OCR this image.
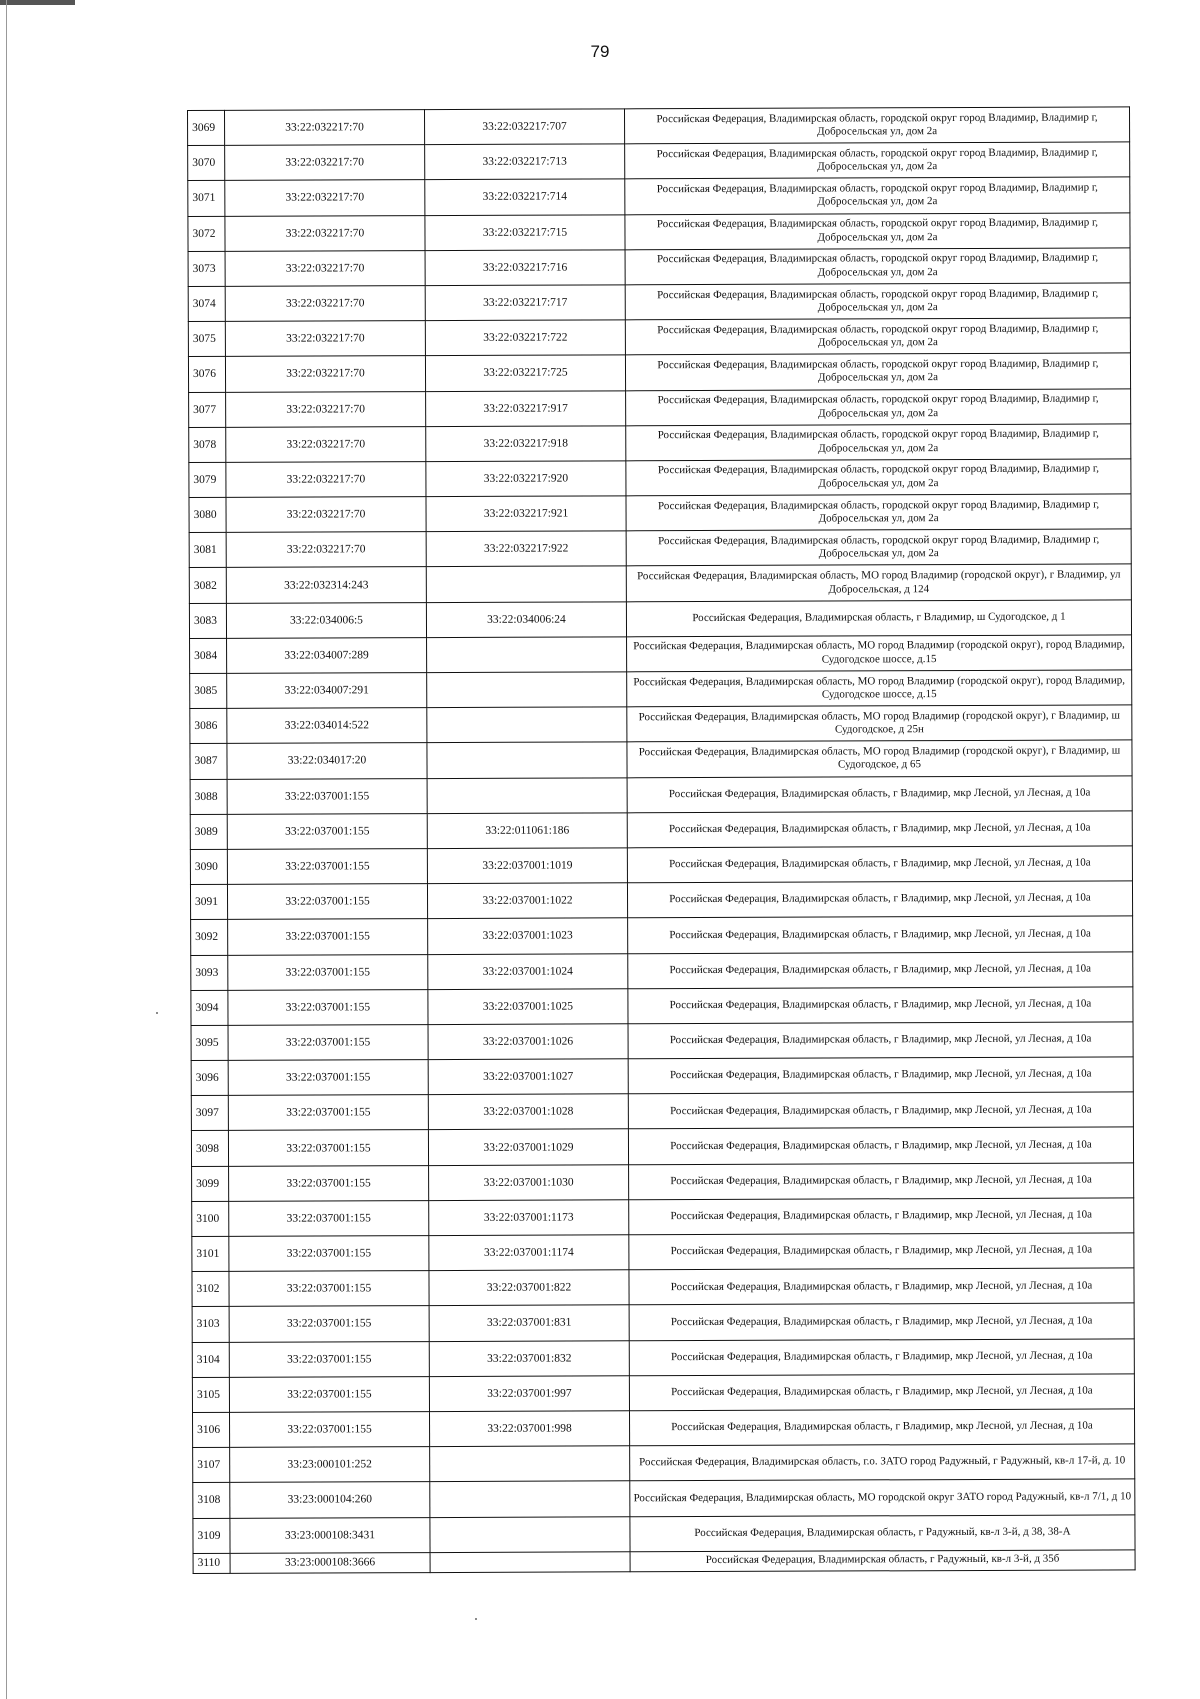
79
3069	33:22:032217:70	33:22:032217:707	Российская Федерация, Владимирская область, городской округ город Владимир, Владимир г, Добросельская ул, дом 2а
3070	33:22:032217:70	33:22:032217:713	Российская Федерация, Владимирская область, городской округ город Владимир, Владимир г, Добросельская ул, дом 2а
3071	33:22:032217:70	33:22:032217:714	Российская Федерация, Владимирская область, городской округ город Владимир, Владимир г, Добросельская ул, дом 2а
3072	33:22:032217:70	33:22:032217:715	Российская Федерация, Владимирская область, городской округ город Владимир, Владимир г, Добросельская ул, дом 2а
3073	33:22:032217:70	33:22:032217:716	Российская Федерация, Владимирская область, городской округ город Владимир, Владимир г, Добросельская ул, дом 2а
3074	33:22:032217:70	33:22:032217:717	Российская Федерация, Владимирская область, городской округ город Владимир, Владимир г, Добросельская ул, дом 2а
3075	33:22:032217:70	33:22:032217:722	Российская Федерация, Владимирская область, городской округ город Владимир, Владимир г, Добросельская ул, дом 2а
3076	33:22:032217:70	33:22:032217:725	Российская Федерация, Владимирская область, городской округ город Владимир, Владимир г, Добросельская ул, дом 2а
3077	33:22:032217:70	33:22:032217:917	Российская Федерация, Владимирская область, городской округ город Владимир, Владимир г, Добросельская ул, дом 2а
3078	33:22:032217:70	33:22:032217:918	Российская Федерация, Владимирская область, городской округ город Владимир, Владимир г, Добросельская ул, дом 2а
3079	33:22:032217:70	33:22:032217:920	Российская Федерация, Владимирская область, городской округ город Владимир, Владимир г, Добросельская ул, дом 2а
3080	33:22:032217:70	33:22:032217:921	Российская Федерация, Владимирская область, городской округ город Владимир, Владимир г, Добросельская ул, дом 2а
3081	33:22:032217:70	33:22:032217:922	Российская Федерация, Владимирская область, городской округ город Владимир, Владимир г, Добросельская ул, дом 2а
3082	33:22:032314:243		Российская Федерация, Владимирская область, МО город Владимир (городской округ), г Владимир, ул Добросельская, д 124
3083	33:22:034006:5	33:22:034006:24	Российская Федерация, Владимирская область, г Владимир, ш Судогодское, д 1
3084	33:22:034007:289		Российская Федерация, Владимирская область, МО город Владимир (городской округ), город Владимир, Судогодское шоссе, д.15
3085	33:22:034007:291		Российская Федерация, Владимирская область, МО город Владимир (городской округ), город Владимир, Судогодское шоссе, д.15
3086	33:22:034014:522		Российская Федерация, Владимирская область, МО город Владимир (городской округ), г Владимир, ш Судогодское, д 25н
3087	33:22:034017:20		Российская Федерация, Владимирская область, МО город Владимир (городской округ), г Владимир, ш Судогодское, д 65
3088	33:22:037001:155		Российская Федерация, Владимирская область, г Владимир, мкр Лесной, ул Лесная, д 10а
3089	33:22:037001:155	33:22:011061:186	Российская Федерация, Владимирская область, г Владимир, мкр Лесной, ул Лесная, д 10а
3090	33:22:037001:155	33:22:037001:1019	Российская Федерация, Владимирская область, г Владимир, мкр Лесной, ул Лесная, д 10а
3091	33:22:037001:155	33:22:037001:1022	Российская Федерация, Владимирская область, г Владимир, мкр Лесной, ул Лесная, д 10а
3092	33:22:037001:155	33:22:037001:1023	Российская Федерация, Владимирская область, г Владимир, мкр Лесной, ул Лесная, д 10а
3093	33:22:037001:155	33:22:037001:1024	Российская Федерация, Владимирская область, г Владимир, мкр Лесной, ул Лесная, д 10а
3094	33:22:037001:155	33:22:037001:1025	Российская Федерация, Владимирская область, г Владимир, мкр Лесной, ул Лесная, д 10а
3095	33:22:037001:155	33:22:037001:1026	Российская Федерация, Владимирская область, г Владимир, мкр Лесной, ул Лесная, д 10а
3096	33:22:037001:155	33:22:037001:1027	Российская Федерация, Владимирская область, г Владимир, мкр Лесной, ул Лесная, д 10а
3097	33:22:037001:155	33:22:037001:1028	Российская Федерация, Владимирская область, г Владимир, мкр Лесной, ул Лесная, д 10а
3098	33:22:037001:155	33:22:037001:1029	Российская Федерация, Владимирская область, г Владимир, мкр Лесной, ул Лесная, д 10а
3099	33:22:037001:155	33:22:037001:1030	Российская Федерация, Владимирская область, г Владимир, мкр Лесной, ул Лесная, д 10а
3100	33:22:037001:155	33:22:037001:1173	Российская Федерация, Владимирская область, г Владимир, мкр Лесной, ул Лесная, д 10а
3101	33:22:037001:155	33:22:037001:1174	Российская Федерация, Владимирская область, г Владимир, мкр Лесной, ул Лесная, д 10а
3102	33:22:037001:155	33:22:037001:822	Российская Федерация, Владимирская область, г Владимир, мкр Лесной, ул Лесная, д 10а
3103	33:22:037001:155	33:22:037001:831	Российская Федерация, Владимирская область, г Владимир, мкр Лесной, ул Лесная, д 10а
3104	33:22:037001:155	33:22:037001:832	Российская Федерация, Владимирская область, г Владимир, мкр Лесной, ул Лесная, д 10а
3105	33:22:037001:155	33:22:037001:997	Российская Федерация, Владимирская область, г Владимир, мкр Лесной, ул Лесная, д 10а
3106	33:22:037001:155	33:22:037001:998	Российская Федерация, Владимирская область, г Владимир, мкр Лесной, ул Лесная, д 10а
3107	33:23:000101:252		Российская Федерация, Владимирская область, г.о. ЗАТО город Радужный, г Радужный, кв-л 17-й, д. 10
3108	33:23:000104:260		Российская Федерация, Владимирская область, МО городской округ ЗАТО город Радужный, кв-л 7/1, д 10
3109	33:23:000108:3431		Российская Федерация, Владимирская область, г Радужный, кв-л 3-й, д 38, 38-А
3110	33:23:000108:3666		Российская Федерация, Владимирская область, г Радужный, кв-л 3-й, д 35б
